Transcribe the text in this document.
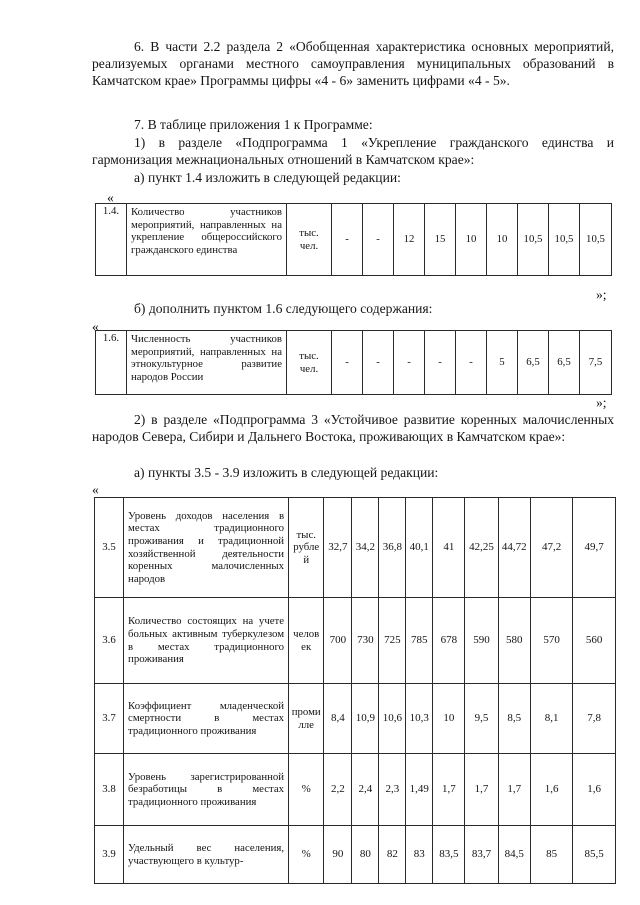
6. В части 2.2 раздела 2 «Обобщенная характеристика основных мероприятий, реализуемых органами местного самоуправления муниципальных образований в Камчатском крае» Программы цифры «4 - 6» заменить цифрами «4 - 5».

7. В таблице приложения 1 к Программе:

1) в разделе «Подпрограмма 1 «Укрепление гражданского единства и гармонизация межнациональных отношений в Камчатском крае»:

а) пункт 1.4 изложить в следующей редакции:

«
1.4.	Количество участников мероприятий, направленных на укрепление общероссийского гражданского единства	тыс. чел.	-	-	12	15	10	10	10,5	10,5	10,5
»;

б) дополнить пунктом 1.6 следующего содержания:

«
1.6.	Численность участников мероприятий, направленных на этнокультурное развитие народов России	тыс. чел.	-	-	-	-	-	5	6,5	6,5	7,5
»;

2) в разделе «Подпрограмма 3 «Устойчивое развитие коренных малочисленных народов Севера, Сибири и Дальнего Востока, проживающих в Камчатском крае»:

а) пункты 3.5 - 3.9 изложить в следующей редакции:

«
3.5	Уровень доходов населения в местах традиционного проживания и традиционной хозяйственной деятельности коренных малочисленных народов	тыс. рублей	32,7	34,2	36,8	40,1	41	42,25	44,72	47,2	49,7
3.6	Количество состоящих на учете больных активным туберкулезом в местах традиционного проживания	человек	700	730	725	785	678	590	580	570	560
3.7	Коэффициент младенческой смертности в местах традиционного проживания	промилле	8,4	10,9	10,6	10,3	10	9,5	8,5	8,1	7,8
3.8	Уровень зарегистрированной безработицы в местах традиционного проживания	%	2,2	2,4	2,3	1,49	1,7	1,7	1,7	1,6	1,6
3.9	Удельный вес населения, участвующего в культур-	%	90	80	82	83	83,5	83,7	84,5	85	85,5
